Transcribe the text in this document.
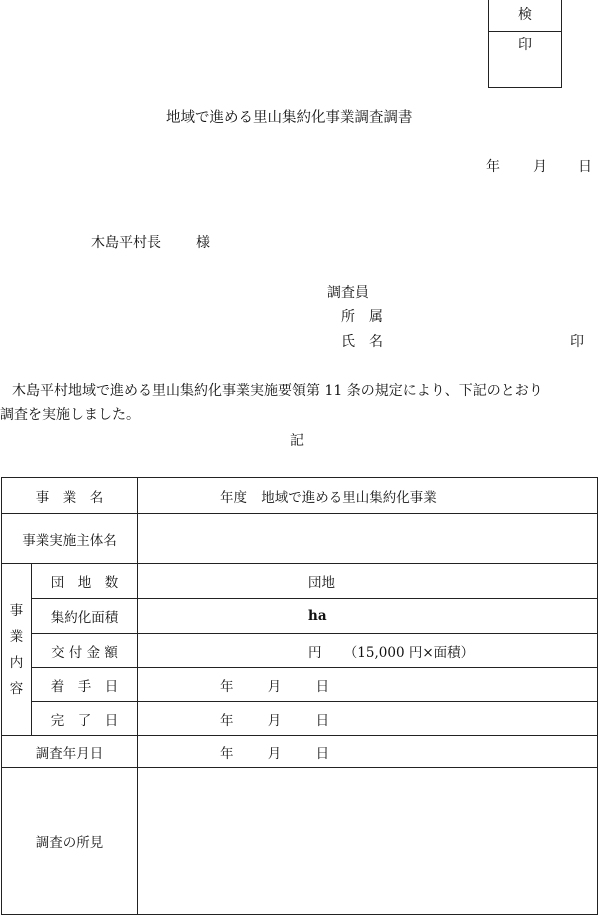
検　印
地域で進める里山集約化事業調査調書
年 月 日
木島平村長	様
調査員
所　属
氏　名	印
木島平村地域で進める里山集約化事業実施要領第 11 条の規定により、下記のとおり
調査を実施しました。
記
事　業　名		年度 地域で進める里山集約化事業
事業実施主体名		

事
業
内
容	団　地　数	団地
	集約化面積	ha
	交 付 金 額	円 （15,000 円×面積）
	着　手　日	年 月 日
	完　了　日	年 月 日
調査年月日		年 月 日
調査の所見		
